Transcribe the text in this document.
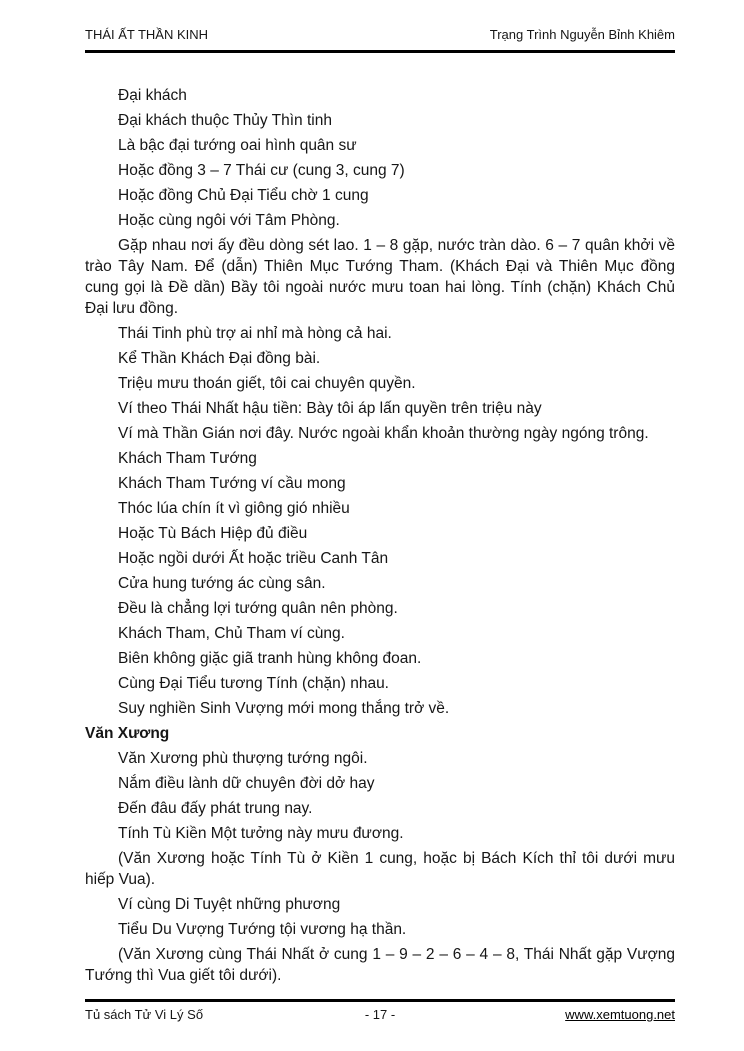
THÁI ẤT THẦN KINH	Trạng Trình Nguyễn Bỉnh Khiêm

Đại khách

Đại khách thuộc Thủy Thìn tinh

Là bậc đại tướng oai hình quân sư

Hoặc đồng 3 – 7 Thái cư (cung 3, cung 7)

Hoặc đồng Chủ Đại Tiểu chờ 1 cung

Hoặc cùng ngôi với Tâm Phòng.

Gặp nhau nơi ấy đều dòng sét lao. 1 – 8 gặp, nước tràn dào. 6 – 7 quân khởi về trào Tây Nam. Để (dẫn) Thiên Mục Tướng Tham. (Khách Đại và Thiên Mục đồng cung gọi là Đề dần) Bầy tôi ngoài nước mưu toan hai lòng. Tính (chặn) Khách Chủ Đại lưu đồng.

Thái Tinh phù trợ ai nhỉ mà hòng cả hai.

Kể Thần Khách Đại đồng bài.

Triệu mưu thoán giết, tôi cai chuyên quyền.

Ví theo Thái Nhất hậu tiền: Bày tôi áp lấn quyền trên triệu này

Ví mà Thần Gián nơi đây. Nước ngoài khẩn khoản thường ngày ngóng trông.

Khách Tham Tướng

Khách Tham Tướng ví cầu mong

Thóc lúa chín ít vì giông gió nhiều

Hoặc Tù Bách Hiệp đủ điều

Hoặc ngồi dưới Ất hoặc triều Canh Tân

Cửa hung tướng ác cùng sân.

Đều là chẳng lợi tướng quân nên phòng.

Khách Tham, Chủ Tham ví cùng.

Biên không giặc giã tranh hùng không đoan.

Cùng Đại Tiểu tương Tính (chặn) nhau.

Suy nghiền Sinh Vượng mới mong thắng trở về.

Văn Xương

Văn Xương phù thượng tướng ngôi.

Nắm điều lành dữ chuyên đời dở hay

Đến đâu đấy phát trung nay.

Tính Tù Kiền Một tưởng này mưu đương.

(Văn Xương hoặc Tính Tù ở Kiền 1 cung, hoặc bị Bách Kích thỉ tôi dưới mưu hiếp Vua).

Ví cùng Di Tuyệt những phương

Tiểu Du Vượng Tướng tội vương hạ thần.

(Văn Xương cùng Thái Nhất ở cung 1 – 9 – 2 – 6 – 4 – 8, Thái Nhất gặp Vượng Tướng thì Vua giết tôi dưới).

Tủ sách Tử Vi Lý Số	- 17 -	www.xemtuong.net
